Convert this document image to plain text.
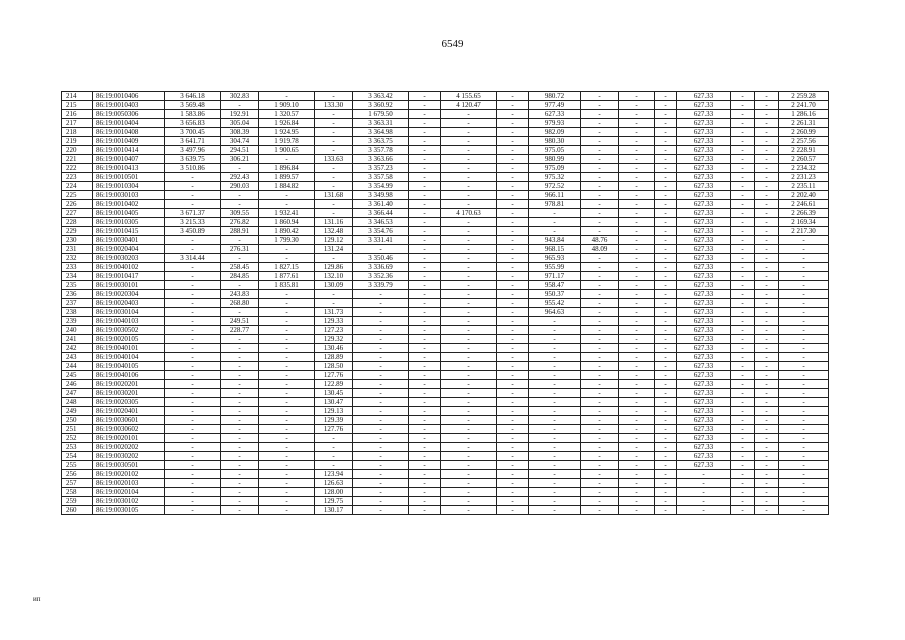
6549
214	86:19:0010406	3 646.18	302.83	-	-	3 363.42	-	4 155.65	-	980.72	-	-	-	627.33	-	-	2 259.28
215	86:19:0010403	3 569.48	-	1 909.10	133.30	3 360.92	-	4 120.47	-	977.49	-	-	-	627.33	-	-	2 241.70
216	86:19:0050306	1 583.86	192.91	1 320.57	-	1 679.50	-	-	-	627.33	-	-	-	627.33	-	-	1 286.16
217	86:19:0010404	3 656.83	305.04	1 926.84	-	3 363.31	-	-	-	979.93	-	-	-	627.33	-	-	2 261.31
218	86:19:0010408	3 700.45	308.39	1 924.95	-	3 364.98	-	-	-	982.09	-	-	-	627.33	-	-	2 260.99
219	86:19:0010409	3 641.71	304.74	1 919.78	-	3 363.75	-	-	-	980.30	-	-	-	627.33	-	-	2 257.56
220	86:19:0010414	3 497.96	294.51	1 900.65	-	3 357.78	-	-	-	975.05	-	-	-	627.33	-	-	2 228.91
221	86:19:0010407	3 639.75	306.21	-	133.63	3 363.66	-	-	-	980.99	-	-	-	627.33	-	-	2 260.57
222	86:19:0010413	3 510.86	-	1 896.84	-	3 357.23	-	-	-	975.09	-	-	-	627.33	-	-	2 234.32
223	86:19:0010501	-	292.43	1 899.57	-	3 357.58	-	-	-	975.32	-	-	-	627.33	-	-	2 231.23
224	86:19:0010304	-	290.03	1 884.82	-	3 354.99	-	-	-	972.52	-	-	-	627.33	-	-	2 235.11
225	86:19:0030103	-	-	-	131.68	3 349.98	-	-	-	966.11	-	-	-	627.33	-	-	2 202.40
226	86:19:0010402	-	-	-	-	3 361.40	-	-	-	978.81	-	-	-	627.33	-	-	2 246.61
227	86:19:0010405	3 671.37	309.55	1 932.41	-	3 366.44	-	4 170.63	-	-	-	-	-	627.33	-	-	2 266.39
228	86:19:0010305	3 215.33	276.82	1 860.94	131.16	3 346.53	-	-	-	-	-	-	-	627.33	-	-	2 169.34
229	86:19:0010415	3 450.89	288.91	1 890.42	132.48	3 354.76	-	-	-	-	-	-	-	627.33	-	-	2 217.30
230	86:19:0030401	-	-	1 799.30	129.12	3 331.41	-	-	-	943.84	48.76	-	-	627.33	-	-	-
231	86:19:0020404	-	276.31	-	131.24	-	-	-	-	968.15	48.09	-	-	627.33	-	-	-
232	86:19:0030203	3 314.44	-	-	-	3 350.46	-	-	-	965.93	-	-	-	627.33	-	-	-
233	86:19:0040102	-	258.45	1 827.15	129.86	3 336.69	-	-	-	955.99	-	-	-	627.33	-	-	-
234	86:19:0010417	-	284.85	1 877.61	132.10	3 352.36	-	-	-	971.17	-	-	-	627.33	-	-	-
235	86:19:0030101	-	-	1 835.81	130.09	3 339.79	-	-	-	958.47	-	-	-	627.33	-	-	-
236	86:19:0020304	-	243.83	-	-	-	-	-	-	950.37	-	-	-	627.33	-	-	-
237	86:19:0020403	-	268.80	-	-	-	-	-	-	955.42	-	-	-	627.33	-	-	-
238	86:19:0030104	-	-	-	131.73	-	-	-	-	964.63	-	-	-	627.33	-	-	-
239	86:19:0040103	-	249.51	-	129.33	-	-	-	-	-	-	-	-	627.33	-	-	-
240	86:19:0030502	-	228.77	-	127.23	-	-	-	-	-	-	-	-	627.33	-	-	-
241	86:19:0020105	-	-	-	129.32	-	-	-	-	-	-	-	-	627.33	-	-	-
242	86:19:0040101	-	-	-	130.46	-	-	-	-	-	-	-	-	627.33	-	-	-
243	86:19:0040104	-	-	-	128.89	-	-	-	-	-	-	-	-	627.33	-	-	-
244	86:19:0040105	-	-	-	128.50	-	-	-	-	-	-	-	-	627.33	-	-	-
245	86:19:0040106	-	-	-	127.76	-	-	-	-	-	-	-	-	627.33	-	-	-
246	86:19:0020201	-	-	-	122.89	-	-	-	-	-	-	-	-	627.33	-	-	-
247	86:19:0030201	-	-	-	130.45	-	-	-	-	-	-	-	-	627.33	-	-	-
248	86:19:0020305	-	-	-	130.47	-	-	-	-	-	-	-	-	627.33	-	-	-
249	86:19:0020401	-	-	-	129.13	-	-	-	-	-	-	-	-	627.33	-	-	-
250	86:19:0030601	-	-	-	129.39	-	-	-	-	-	-	-	-	627.33	-	-	-
251	86:19:0030602	-	-	-	127.76	-	-	-	-	-	-	-	-	627.33	-	-	-
252	86:19:0020101	-	-	-	-	-	-	-	-	-	-	-	-	627.33	-	-	-
253	86:19:0020202	-	-	-	-	-	-	-	-	-	-	-	-	627.33	-	-	-
254	86:19:0030202	-	-	-	-	-	-	-	-	-	-	-	-	627.33	-	-	-
255	86:19:0030501	-	-	-	-	-	-	-	-	-	-	-	-	627.33	-	-	-
256	86:19:0020102	-	-	-	123.94	-	-	-	-	-	-	-	-	-	-	-	-
257	86:19:0020103	-	-	-	126.63	-	-	-	-	-	-	-	-	-	-	-	-
258	86:19:0020104	-	-	-	128.00	-	-	-	-	-	-	-	-	-	-	-	-
259	86:19:0030102	-	-	-	129.75	-	-	-	-	-	-	-	-	-	-	-	-
260	86:19:0030105	-	-	-	130.17	-	-	-	-	-	-	-	-	-	-	-	-
ип
